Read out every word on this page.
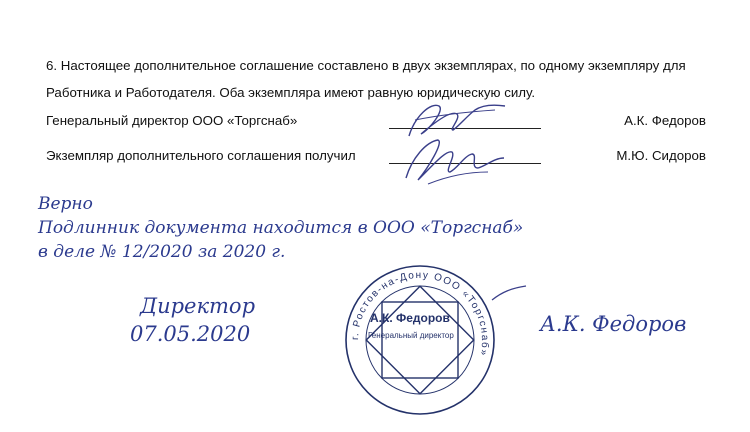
6. Настоящее дополнительное соглашение составлено в двух экземплярах, по одному экземпляру для Работника и Работодателя. Оба экземпляра имеют равную юридическую силу.

Генеральный директор ООО «Торгснаб»	А.К. Федоров
Экземпляр дополнительного соглашения получил	М.Ю. Сидоров
Верно
Подлинник документа находится в ООО «Торгснаб»
в деле № 12/2020 за 2020 г.
Директор
07.05.2020	А.К. Федоров
г. Ростов-на-Дону ООО «Торгснаб»
А.К. Федоров
Генеральный директор
